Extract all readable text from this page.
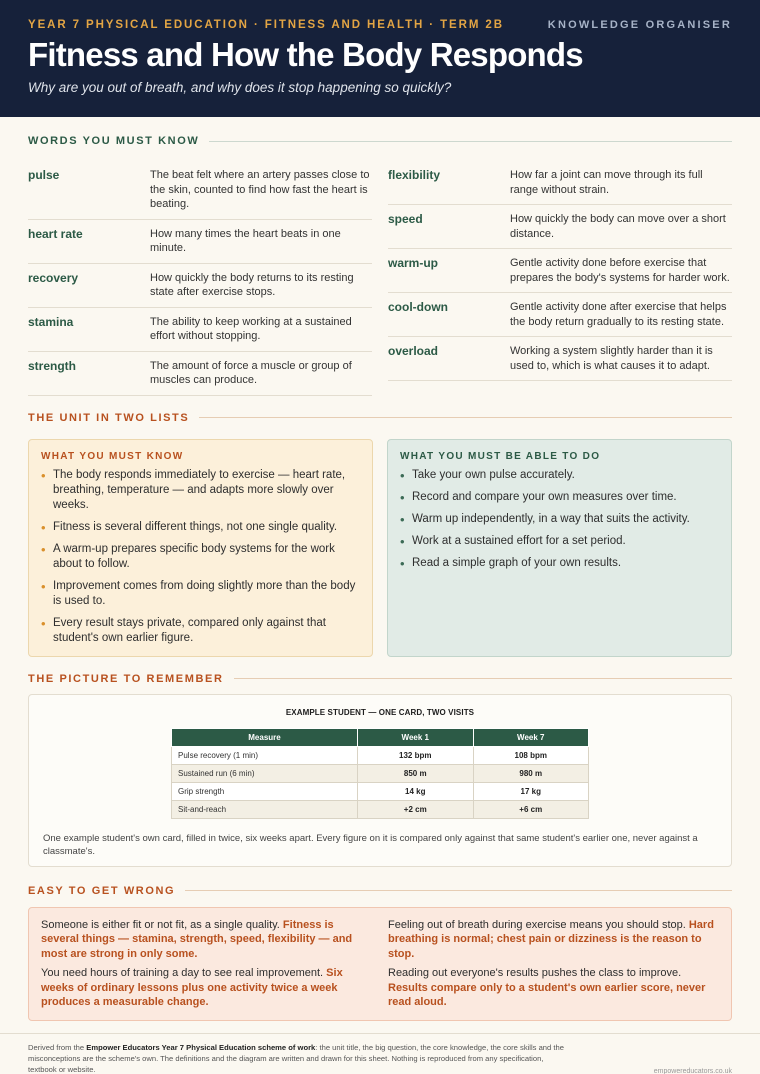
YEAR 7 PHYSICAL EDUCATION · FITNESS AND HEALTH · TERM 2B	KNOWLEDGE ORGANISER
Fitness and How the Body Responds
Why are you out of breath, and why does it stop happening so quickly?
WORDS YOU MUST KNOW
pulse	The beat felt where an artery passes close to the skin, counted to find how fast the heart is beating.
heart rate	How many times the heart beats in one minute.
recovery	How quickly the body returns to its resting state after exercise stops.
stamina	The ability to keep working at a sustained effort without stopping.
strength	The amount of force a muscle or group of muscles can produce.
flexibility	How far a joint can move through its full range without strain.
speed	How quickly the body can move over a short distance.
warm-up	Gentle activity done before exercise that prepares the body's systems for harder work.
cool-down	Gentle activity done after exercise that helps the body return gradually to its resting state.
overload	Working a system slightly harder than it is used to, which is what causes it to adapt.
THE UNIT IN TWO LISTS
WHAT YOU MUST KNOW
• The body responds immediately to exercise — heart rate, breathing, temperature — and adapts more slowly over weeks.
• Fitness is several different things, not one single quality.
• A warm-up prepares specific body systems for the work about to follow.
• Improvement comes from doing slightly more than the body is used to.
• Every result stays private, compared only against that student's own earlier figure.
WHAT YOU MUST BE ABLE TO DO
• Take your own pulse accurately.
• Record and compare your own measures over time.
• Warm up independently, in a way that suits the activity.
• Work at a sustained effort for a set period.
• Read a simple graph of your own results.
THE PICTURE TO REMEMBER
EXAMPLE STUDENT — ONE CARD, TWO VISITS
Measure	Week 1	Week 7
Pulse recovery (1 min)	132 bpm	108 bpm
Sustained run (6 min)	850 m	980 m
Grip strength	14 kg	17 kg
Sit-and-reach	+2 cm	+6 cm

One example student's own card, filled in twice, six weeks apart. Every figure on it is compared only against that same student's earlier one, never against a classmate's.

EASY TO GET WRONG

Someone is either fit or not fit, as a single quality. Fitness is several things — stamina, strength, speed, flexibility — and most are strong in only some.

You need hours of training a day to see real improvement. Six weeks of ordinary lessons plus one activity twice a week produces a measurable change.

Feeling out of breath during exercise means you should stop. Hard breathing is normal; chest pain or dizziness is the reason to stop.

Reading out everyone's results pushes the class to improve. Results compare only to a student's own earlier score, never read aloud.

Derived from the Empower Educators Year 7 Physical Education scheme of work: the unit title, the big question, the core knowledge, the core skills and the misconceptions are the scheme's own. The definitions and the diagram are written and drawn for this sheet. Nothing is reproduced from any specification, textbook or website.	empowereducators.co.uk
